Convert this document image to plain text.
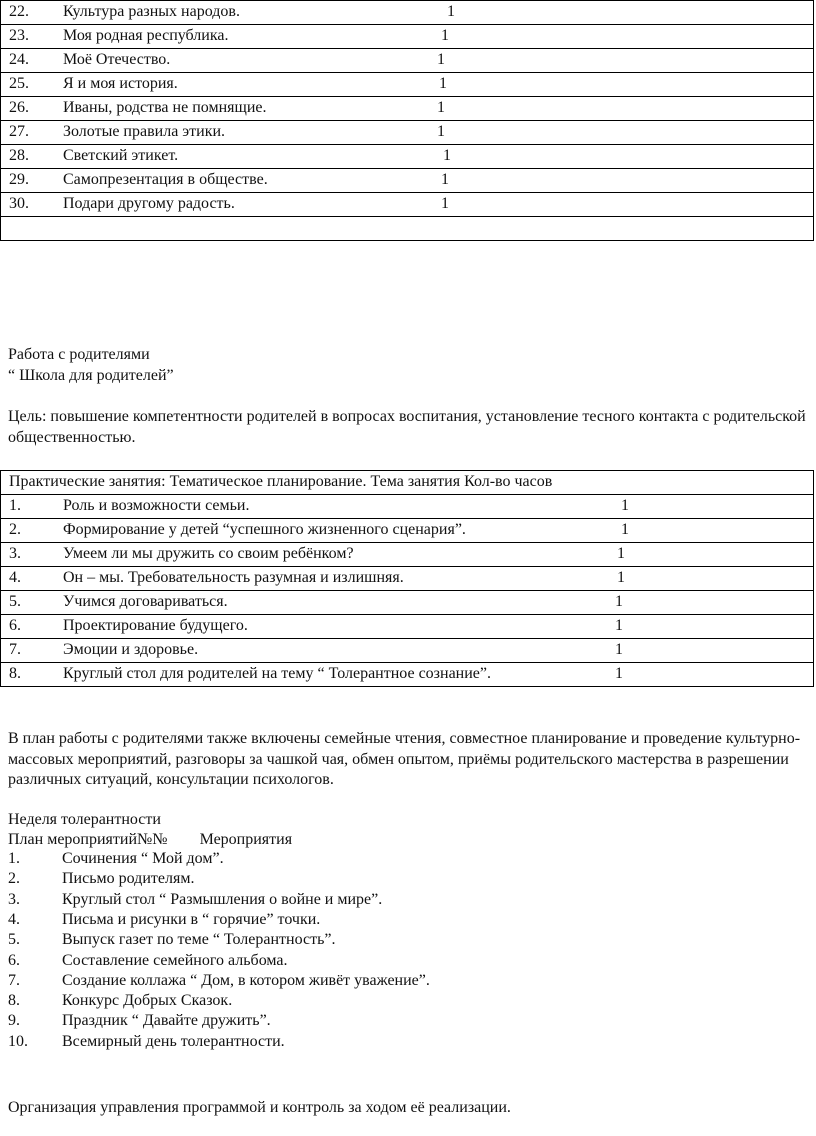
22. Культура разных народов.	1

23. Моя родная республика.	1

24. Моё Отечество.	1

25. Я и моя история.	1

26. Иваны, родства не помнящие.	1

27. Золотые правила этики.	1

28. Светский этикет.	1

29. Самопрезентация в обществе.	1

30. Подари другому радость.	1

Работа с родителями
“ Школа для родителей”
Цель: повышение компетентности родителей в вопросах воспитания, установление тесного контакта с родительской общественностью.
Практические занятия: Тематическое планирование. Тема занятия Кол-во часов

1.	Роль и возможности семьи.	1

2.	Формирование у детей “успешного жизненного сценария”.	1

3.	Умеем ли мы дружить со своим ребёнком?	1

4.	Он – мы. Требовательность разумная и излишняя.	1

5.	Учимся договариваться.	1

6.	Проектирование будущего.	1

7.	Эмоции и здоровье.	1

8.	Круглый стол для родителей на тему “ Толерантное сознание”.	1
В план работы с родителями также включены семейные чтения, совместное планирование и проведение культурно-массовых мероприятий, разговоры за чашкой чая, обмен опытом, приёмы родительского мастерства в разрешении различных ситуаций, консультации психологов.
Неделя толерантности
План мероприятий№№        Мероприятия
1.	Сочинения “ Мой дом”.
2.	Письмо родителям.
3.	Круглый стол “ Размышления о войне и мире”.
4.	Письма и рисунки в “ горячие” точки.
5.	Выпуск газет по теме “ Толерантность”.
6.	Составление семейного альбома.
7.	Создание коллажа “ Дом, в котором живёт уважение”.
8.	Конкурс Добрых Сказок.
9.	Праздник “ Давайте дружить”.
10. Всемирный день толерантности.
Организация управления программой и контроль за ходом её реализации.
